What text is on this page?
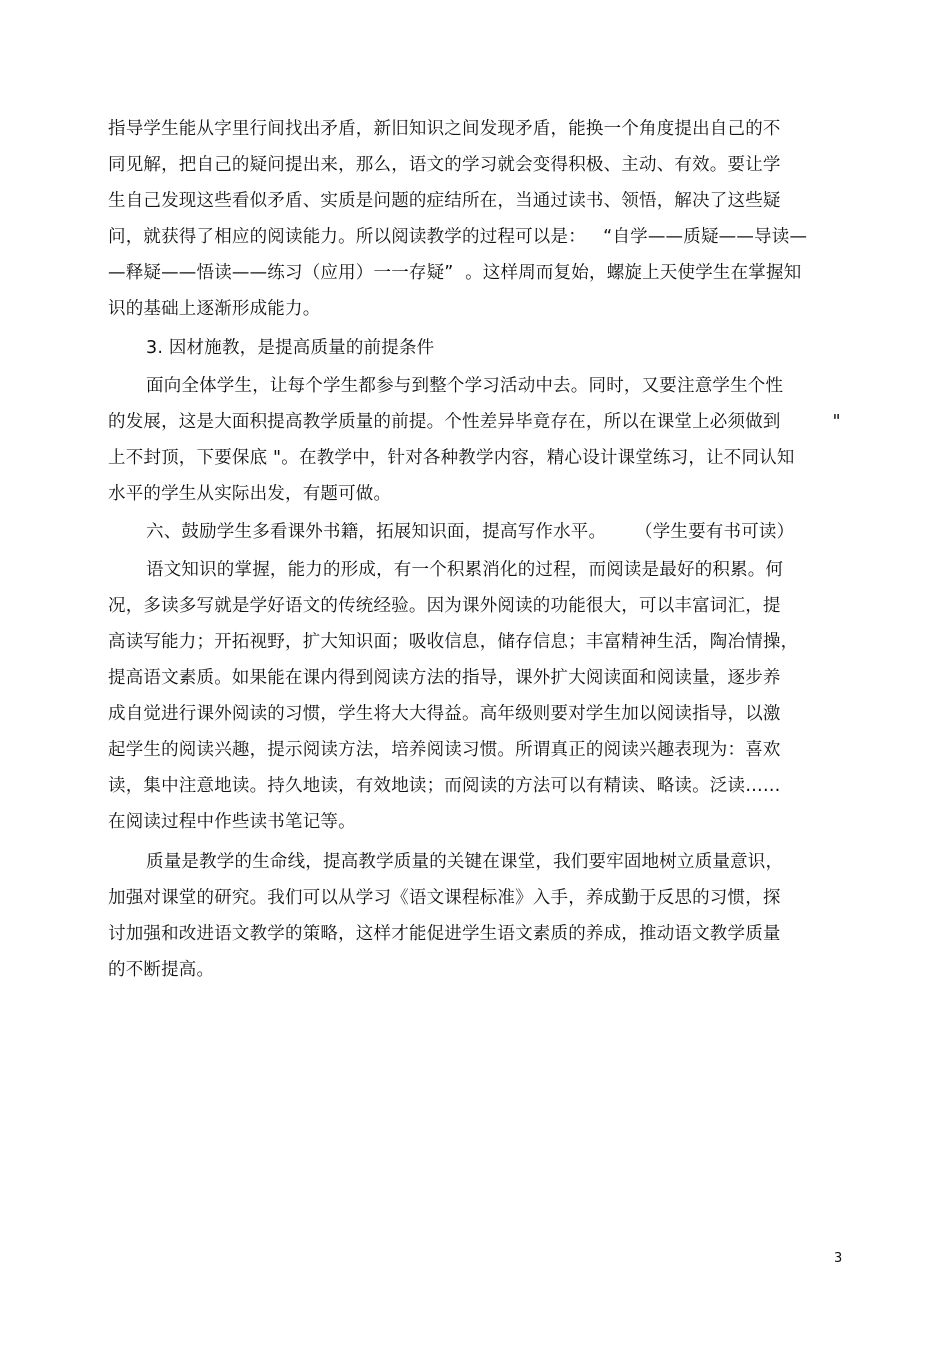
指导学生能从字里行间找出矛盾，新旧知识之间发现矛盾，能换一个角度提出自己的不
同见解，把自己的疑问提出来，那么，语文的学习就会变得积极、主动、有效。要让学
生自己发现这些看似矛盾、实质是问题的症结所在，当通过读书、领悟，解决了这些疑
问，就获得了相应的阅读能力。所以阅读教学的过程可以是：   “自学——质疑——导读—
—释疑——悟读——练习（应用）一一存疑”  。这样周而复始，螺旋上天使学生在掌握知
识的基础上逐渐形成能力。
3. 因材施教，是提高质量的前提条件
面向全体学生，让每个学生都参与到整个学习活动中去。同时，又要注意学生个性
的发展，这是大面积提高教学质量的前提。个性差异毕竟存在，所以在课堂上必须做到         "
上不封顶，下要保底 "。在教学中，针对各种教学内容，精心设计课堂练习，让不同认知
水平的学生从实际出发，有题可做。
六、鼓励学生多看课外书籍，拓展知识面，提高写作水平。     （学生要有书可读）
语文知识的掌握，能力的形成，有一个积累消化的过程，而阅读是最好的积累。何
况，多读多写就是学好语文的传统经验。因为课外阅读的功能很大，可以丰富词汇，提
高读写能力；开拓视野，扩大知识面；吸收信息，储存信息；丰富精神生活，陶冶情操，
提高语文素质。如果能在课内得到阅读方法的指导，课外扩大阅读面和阅读量，逐步养
成自觉进行课外阅读的习惯，学生将大大得益。高年级则要对学生加以阅读指导，以激
起学生的阅读兴趣，提示阅读方法，培养阅读习惯。所谓真正的阅读兴趣表现为：喜欢
读，集中注意地读。持久地读，有效地读；而阅读的方法可以有精读、略读。泛读……
在阅读过程中作些读书笔记等。
质量是教学的生命线，提高教学质量的关键在课堂，我们要牢固地树立质量意识，
加强对课堂的研究。我们可以从学习《语文课程标准》入手，养成勤于反思的习惯，探
讨加强和改进语文教学的策略，这样才能促进学生语文素质的养成，推动语文教学质量
的不断提高。
3
